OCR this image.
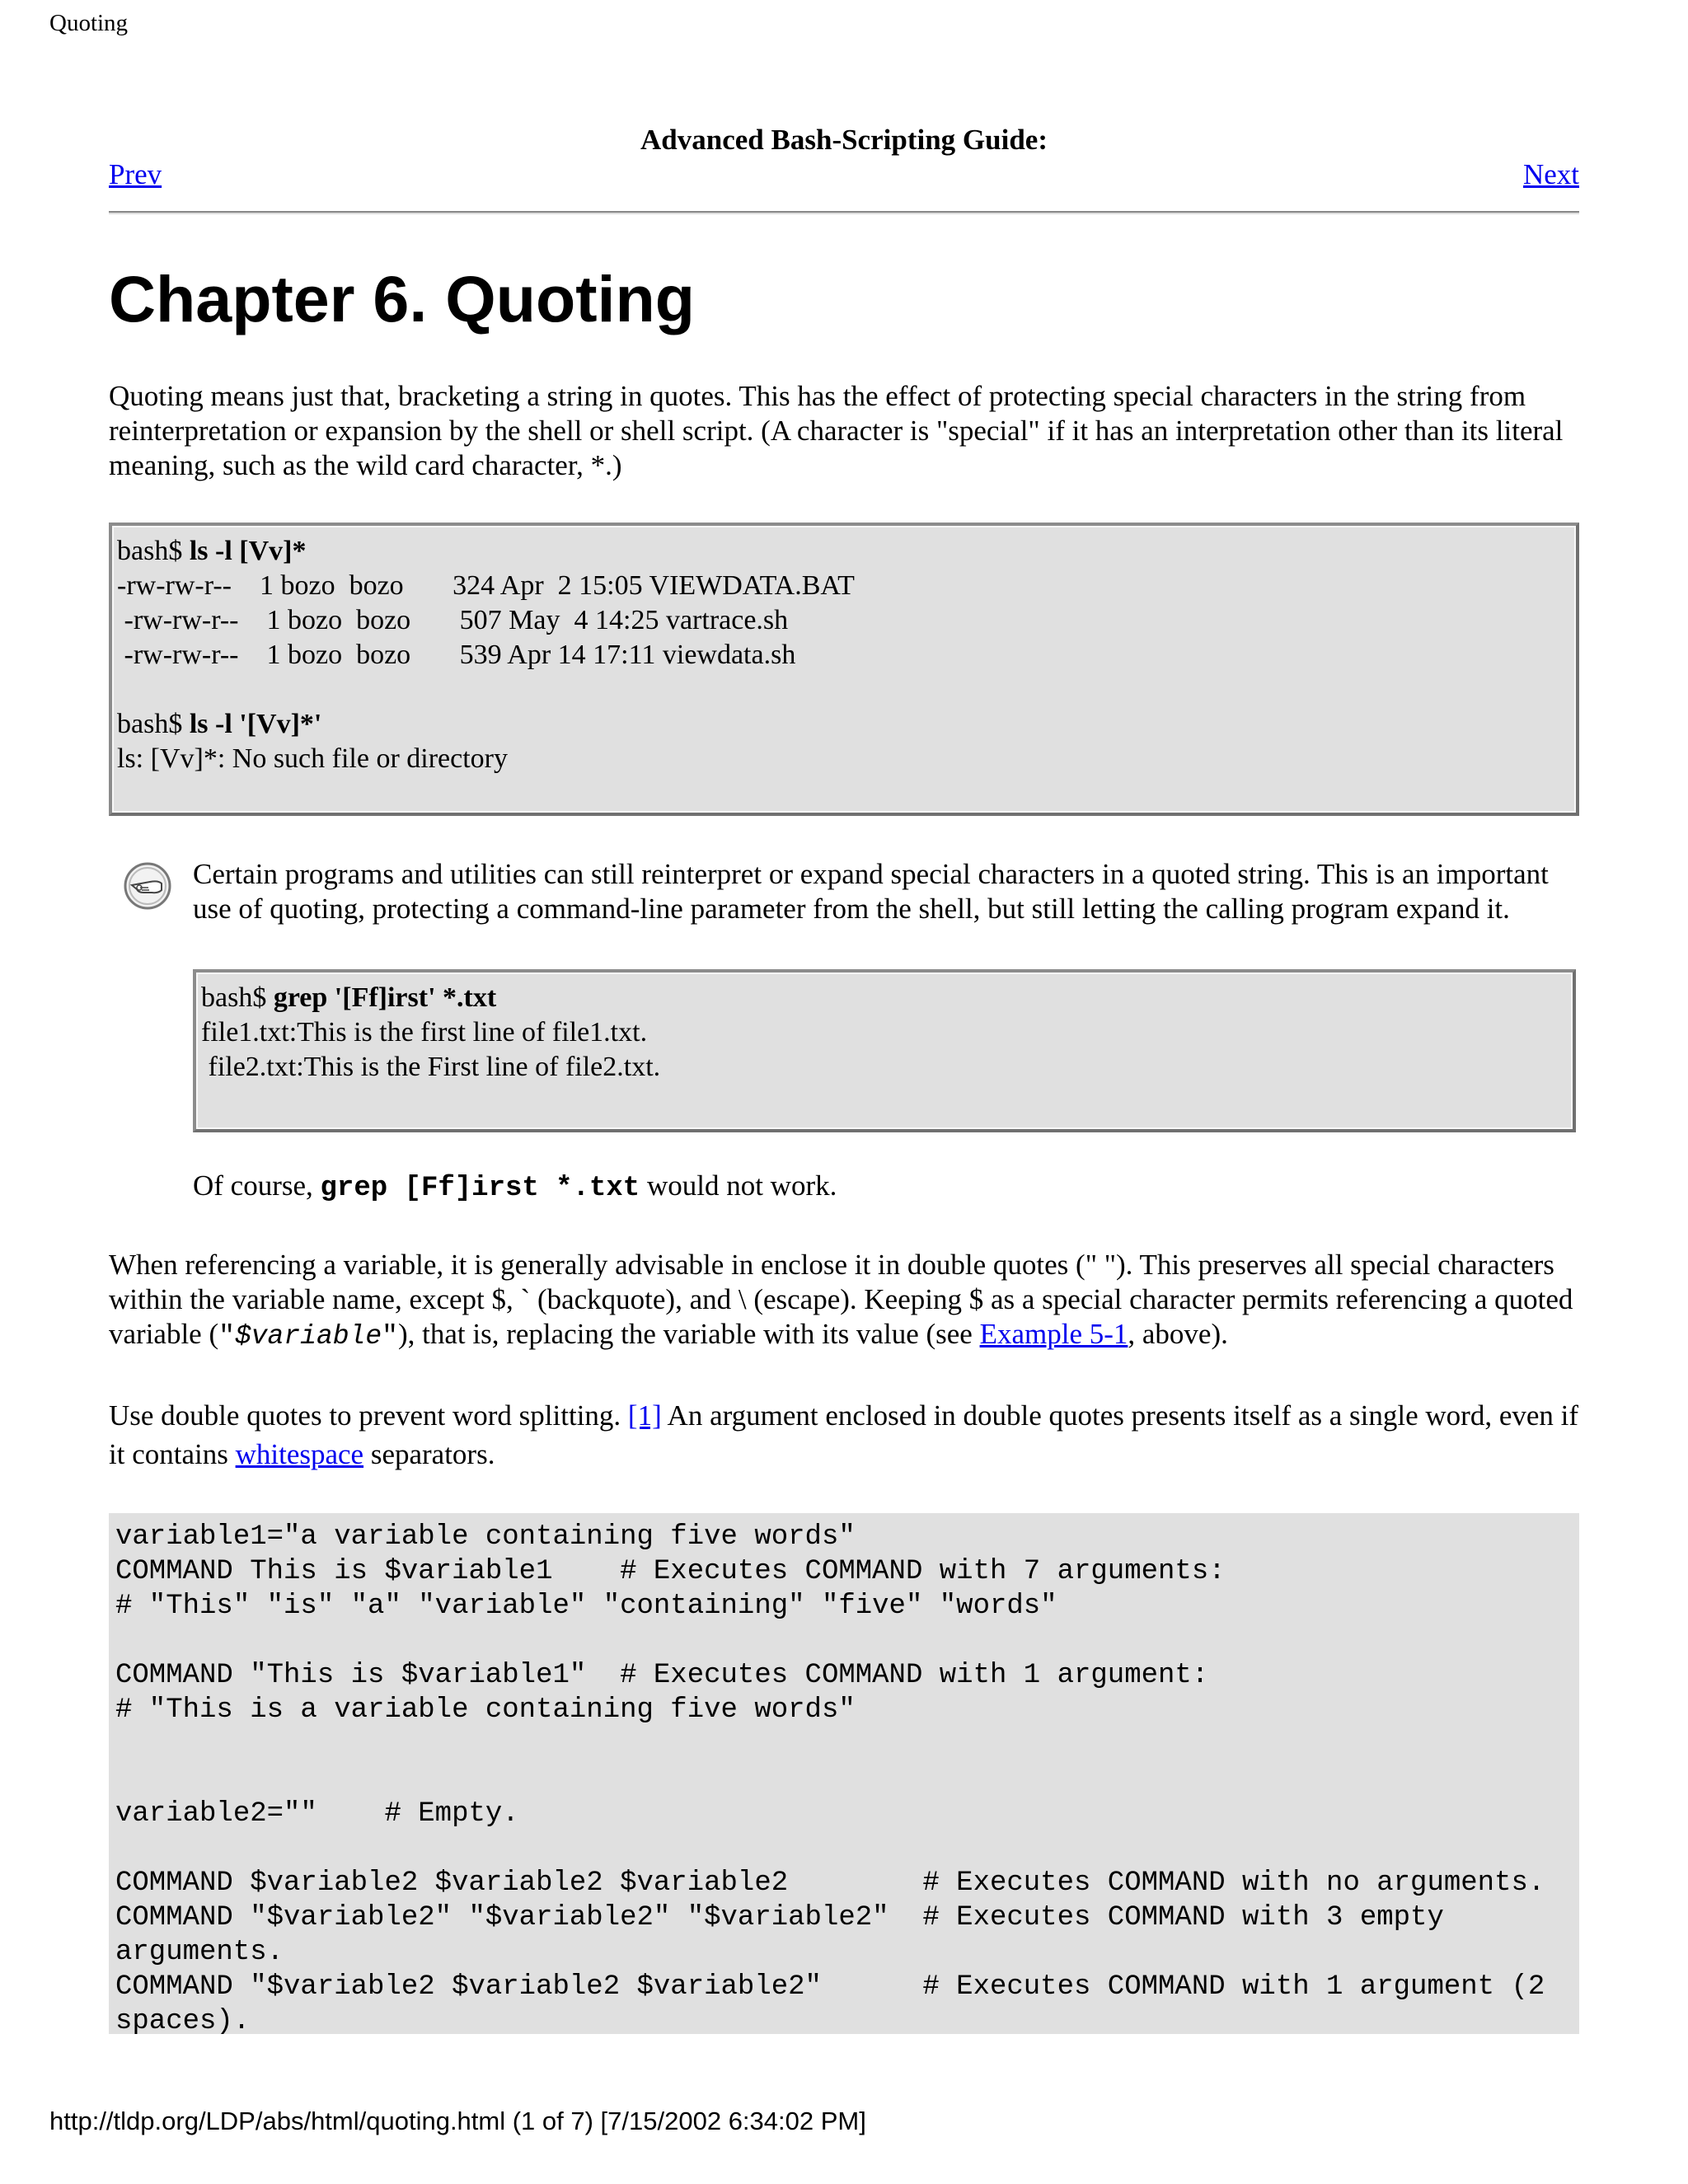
Quoting
Advanced Bash-Scripting Guide:
Prev	Next
Chapter 6. Quoting

Quoting means just that, bracketing a string in quotes. This has the effect of protecting special characters in the string from reinterpretation or expansion by the shell or shell script. (A character is "special" if it has an interpretation other than its literal meaning, such as the wild card character, *.)

bash$ ls -l [Vv]*
-rw-rw-r--    1 bozo  bozo       324 Apr  2 15:05 VIEWDATA.BAT
-rw-rw-r--    1 bozo  bozo       507 May  4 14:25 vartrace.sh
-rw-rw-r--    1 bozo  bozo       539 Apr 14 17:11 viewdata.sh

bash$ ls -l '[Vv]*'
ls: [Vv]*: No such file or directory

Certain programs and utilities can still reinterpret or expand special characters in a quoted string. This is an important use of quoting, protecting a command-line parameter from the shell, but still letting the calling program expand it.

bash$ grep '[Ff]irst' *.txt
file1.txt:This is the first line of file1.txt.
file2.txt:This is the First line of file2.txt.

Of course, grep [Ff]irst *.txt would not work.

When referencing a variable, it is generally advisable in enclose it in double quotes (" "). This preserves all special characters within the variable name, except $, ` (backquote), and \ (escape). Keeping $ as a special character permits referencing a quoted variable ("$variable"), that is, replacing the variable with its value (see Example 5-1, above).

Use double quotes to prevent word splitting. [1] An argument enclosed in double quotes presents itself as a single word, even if it contains whitespace separators.

variable1="a variable containing five words"
COMMAND This is $variable1    # Executes COMMAND with 7 arguments:
# "This" "is" "a" "variable" "containing" "five" "words"

COMMAND "This is $variable1"  # Executes COMMAND with 1 argument:
# "This is a variable containing five words"

variable2=""    # Empty.

COMMAND $variable2 $variable2 $variable2        # Executes COMMAND with no arguments.
COMMAND "$variable2" "$variable2" "$variable2"  # Executes COMMAND with 3 empty
arguments.
COMMAND "$variable2 $variable2 $variable2"      # Executes COMMAND with 1 argument (2
spaces).
http://tldp.org/LDP/abs/html/quoting.html (1 of 7) [7/15/2002 6:34:02 PM]
